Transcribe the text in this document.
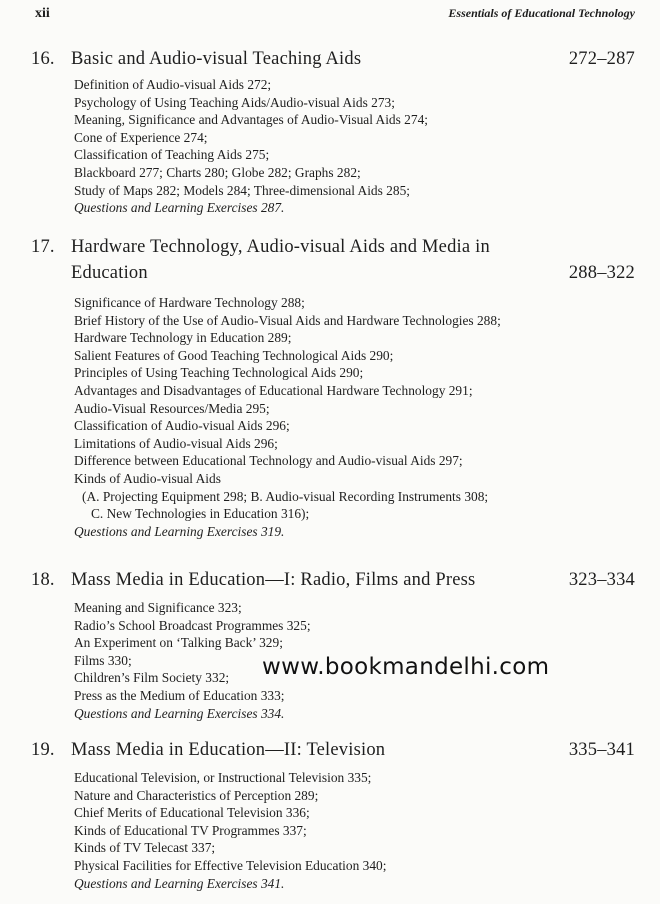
xii	Essentials of Educational Technology
16. Basic and Audio-visual Teaching Aids	272–287
Definition of Audio-visual Aids 272;
Psychology of Using Teaching Aids/Audio-visual Aids 273;
Meaning, Significance and Advantages of Audio-Visual Aids 274;
Cone of Experience 274;
Classification of Teaching Aids 275;
Blackboard 277; Charts 280; Globe 282; Graphs 282;
Study of Maps 282; Models 284; Three-dimensional Aids 285;
Questions and Learning Exercises 287.
17. Hardware Technology, Audio-visual Aids and Media in Education	288–322
Significance of Hardware Technology 288;
Brief History of the Use of Audio-Visual Aids and Hardware Technologies 288;
Hardware Technology in Education 289;
Salient Features of Good Teaching Technological Aids 290;
Principles of Using Teaching Technological Aids 290;
Advantages and Disadvantages of Educational Hardware Technology 291;
Audio-Visual Resources/Media 295;
Classification of Audio-visual Aids 296;
Limitations of Audio-visual Aids 296;
Difference between Educational Technology and Audio-visual Aids 297;
Kinds of Audio-visual Aids
(A. Projecting Equipment 298; B. Audio-visual Recording Instruments 308;
C. New Technologies in Education 316);
Questions and Learning Exercises 319.
18. Mass Media in Education—I: Radio, Films and Press	323–334
Meaning and Significance 323;
Radio’s School Broadcast Programmes 325;
An Experiment on ‘Talking Back’ 329;
Films 330;
Children’s Film Society 332;
Press as the Medium of Education 333;
Questions and Learning Exercises 334.
www.bookmandelhi.com
19. Mass Media in Education—II: Television	335–341
Educational Television, or Instructional Television 335;
Nature and Characteristics of Perception 289;
Chief Merits of Educational Television 336;
Kinds of Educational TV Programmes 337;
Kinds of TV Telecast 337;
Physical Facilities for Effective Television Education 340;
Questions and Learning Exercises 341.
